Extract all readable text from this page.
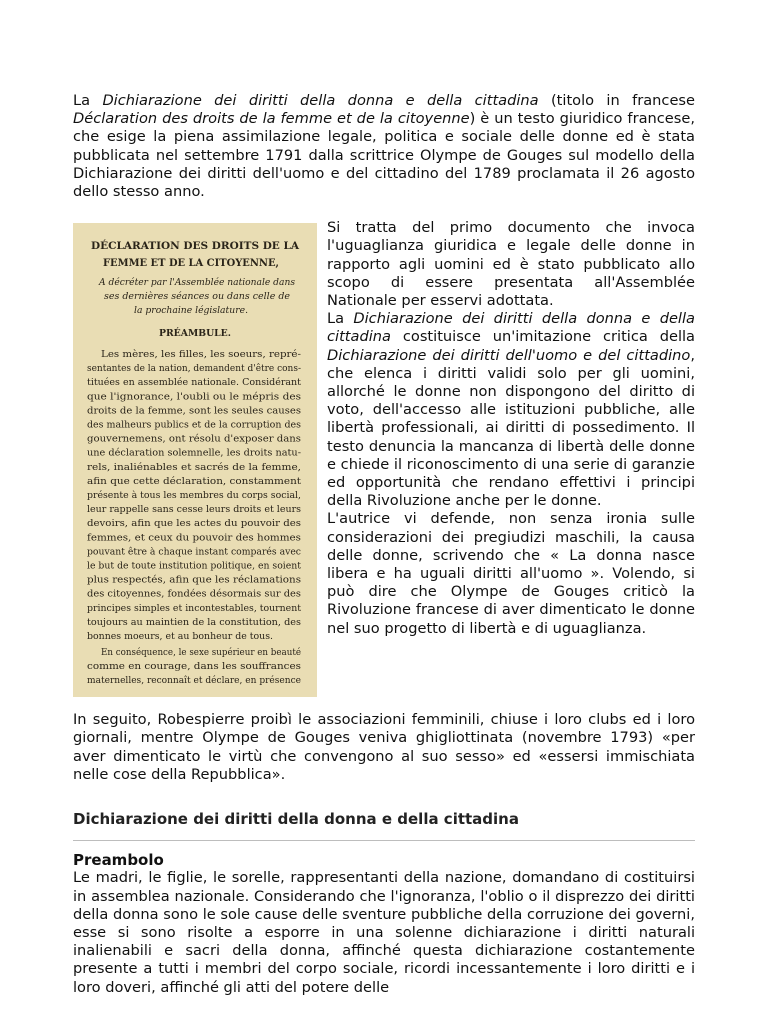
La Dichiarazione dei diritti della donna e della cittadina (titolo in francese Déclaration des droits de la femme et de la citoyenne) è un testo giuridico francese, che esige la piena assimilazione legale, politica e sociale delle donne ed è stata pubblicata nel settembre 1791 dalla scrittrice Olympe de Gouges sul modello della Dichiarazione dei diritti dell'uomo e del cittadino del 1789 proclamata il 26 agosto dello stesso anno.

DÉCLARATION DES DROITS DE LA
FEMME ET DE LA CITOYENNE,
A décréter par l'Assemblée nationale dans
ses dernières séances ou dans celle de
la prochaine législature.
PRÉAMBULE.
Les mères, les filles, les soeurs, repré-
sentantes de la nation, demandent d'être cons-
tituées en assemblée nationale. Considérant
que l'ignorance, l'oubli ou le mépris des
droits de la femme, sont les seules causes
des malheurs publics et de la corruption des
gouvernemens, ont résolu d'exposer dans
une déclaration solemnelle, les droits natu-
rels, inaliénables et sacrés de la femme,
afin que cette déclaration, constamment
présente à tous les membres du corps social,
leur rappelle sans cesse leurs droits et leurs
devoirs, afin que les actes du pouvoir des
femmes, et ceux du pouvoir des hommes
pouvant être à chaque instant comparés avec
le but de toute institution politique, en soient
plus respectés, afin que les réclamations
des citoyennes, fondées désormais sur des
principes simples et incontestables, tournent
toujours au maintien de la constitution, des
bonnes moeurs, et au bonheur de tous.
En conséquence, le sexe supérieur en beauté
comme en courage, dans les souffrances
maternelles, reconnaît et déclare, en présence

Si tratta del primo documento che invoca l'uguaglianza giuridica e legale delle donne in rapporto agli uomini ed è stato pubblicato allo scopo di essere presentata all'Assemblée Nationale per esservi adottata.

La Dichiarazione dei diritti della donna e della cittadina costituisce un'imitazione critica della Dichiarazione dei diritti dell'uomo e del cittadino, che elenca i diritti validi solo per gli uomini, allorché le donne non dispongono del diritto di voto, dell'accesso alle istituzioni pubbliche, alle libertà professionali, ai diritti di possedimento. Il testo denuncia la mancanza di libertà delle donne e chiede il riconoscimento di una serie di garanzie ed opportunità che rendano effettivi i principi della Rivoluzione anche per le donne.

L'autrice vi defende, non senza ironia sulle considerazioni dei pregiudizi maschili, la causa delle donne, scrivendo che « La donna nasce libera e ha uguali diritti all'uomo ». Volendo, si può dire che Olympe de Gouges criticò la Rivoluzione francese di aver dimenticato le donne nel suo progetto di libertà e di uguaglianza.

In seguito, Robespierre proibì le associazioni femminili, chiuse i loro clubs ed i loro giornali, mentre Olympe de Gouges veniva ghigliottinata (novembre 1793) «per aver dimenticato le virtù che convengono al suo sesso» ed «essersi immischiata nelle cose della Repubblica».

Dichiarazione dei diritti della donna e della cittadina
Preambolo

Le madri, le figlie, le sorelle, rappresentanti della nazione, domandano di costituirsi in assemblea nazionale. Considerando che l'ignoranza, l'oblio o il disprezzo dei diritti della donna sono le sole cause delle sventure pubbliche della corruzione dei governi, esse si sono risolte a esporre in una solenne dichiarazione i diritti naturali inalienabili e sacri della donna, affinché questa dichiarazione costantemente presente a tutti i membri del corpo sociale, ricordi incessantemente i loro diritti e i loro doveri, affinché gli atti del potere delle
